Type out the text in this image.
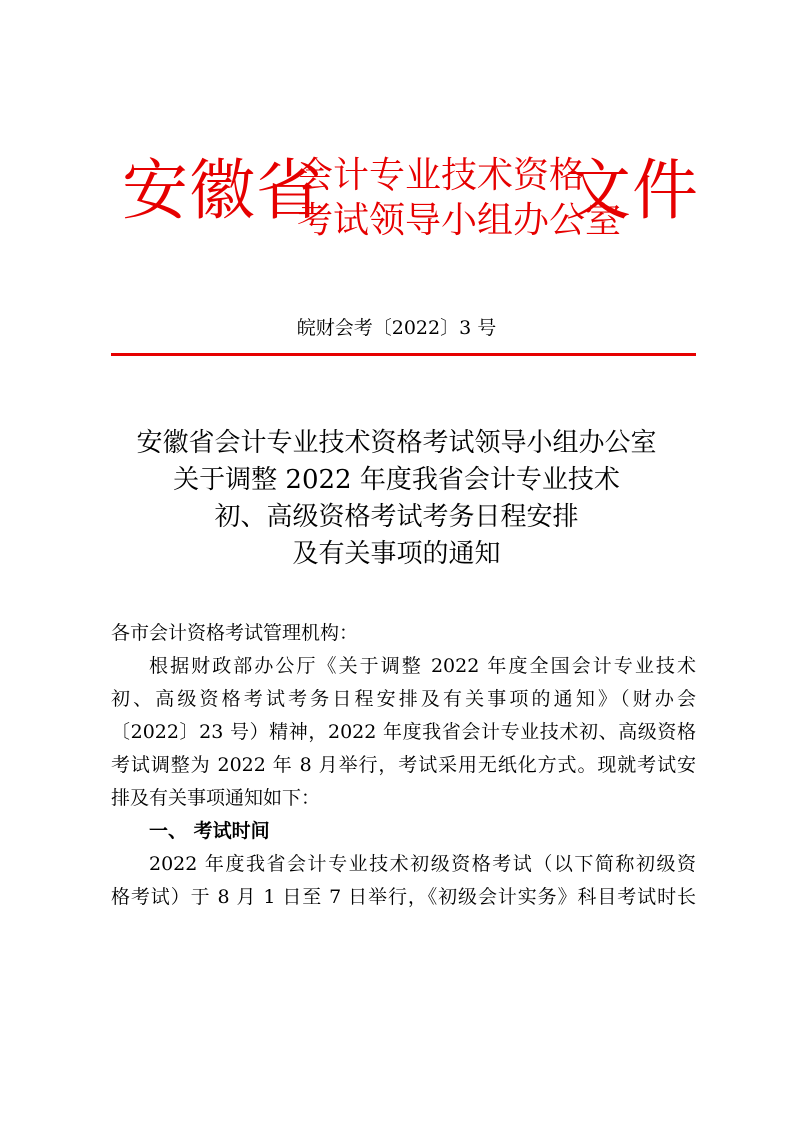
安徽省
会计专业技术资格
考试领导小组办公室
文件
皖财会考〔2022〕3 号
安徽省会计专业技术资格考试领导小组办公室
关于调整 2022 年度我省会计专业技术
初、高级资格考试考务日程安排
及有关事项的通知
各市会计资格考试管理机构：
根据财政部办公厅《关于调整 2022 年度全国会计专业技术
初、高级资格考试考务日程安排及有关事项的通知》（财办会
〔2022〕23 号）精神，2022 年度我省会计专业技术初、高级资格
考试调整为 2022 年 8 月举行，考试采用无纸化方式。现就考试安
排及有关事项通知如下：
一、 考试时间
2022 年度我省会计专业技术初级资格考试（以下简称初级资
格考试）于 8 月 1 日至 7 日举行，《初级会计实务》科目考试时长
